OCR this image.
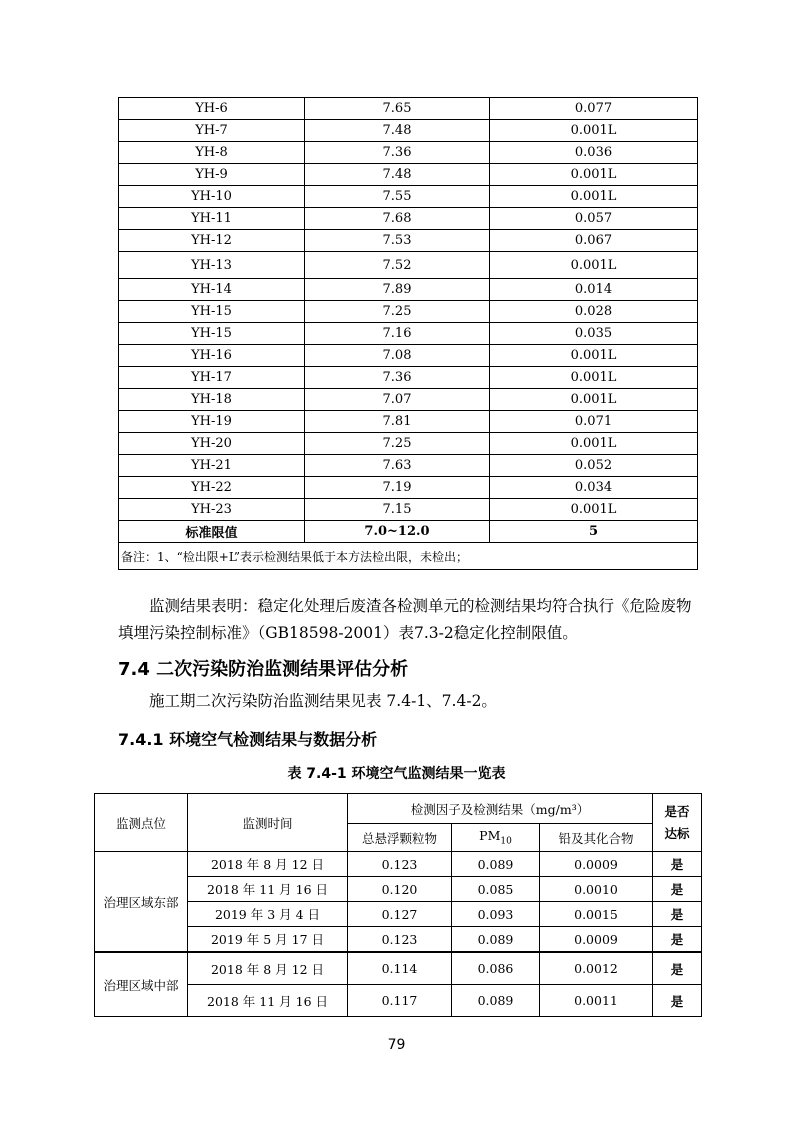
YH-6	7.65	0.077
YH-7	7.48	0.001L
YH-8	7.36	0.036
YH-9	7.48	0.001L
YH-10	7.55	0.001L
YH-11	7.68	0.057
YH-12	7.53	0.067
YH-13	7.52	0.001L
YH-14	7.89	0.014
YH-15	7.25	0.028
YH-15	7.16	0.035
YH-16	7.08	0.001L
YH-17	7.36	0.001L
YH-18	7.07	0.001L
YH-19	7.81	0.071
YH-20	7.25	0.001L
YH-21	7.63	0.052
YH-22	7.19	0.034
YH-23	7.15	0.001L
标准限值	7.0~12.0	5
备注：1、“检出限+L”表示检测结果低于本方法检出限，未检出；		
监测结果表明：稳定化处理后废渣各检测单元的检测结果均符合执行《危险废物填埋污染控制标准》（GB18598-2001）表7.3-2稳定化控制限值。
7.4 二次污染防治监测结果评估分析
施工期二次污染防治监测结果见表 7.4-1、7.4-2。
7.4.1 环境空气检测结果与数据分析
表 7.4-1 环境空气监测结果一览表
监测点位	监测时间	检测因子及检测结果（mg/m³）			是否
达标
		总悬浮颗粒物	$PM_{10}$	铅及其化合物	
治理区域东部	2018 年 8 月 12 日	0.123	0.089	0.0009	是
	2018 年 11 月 16 日	0.120	0.085	0.0010	是
	2019 年 3 月 4 日	0.127	0.093	0.0015	是
	2019 年 5 月 17 日	0.123	0.089	0.0009	是
治理区域中部	2018 年 8 月 12 日	0.114	0.086	0.0012	是
	2018 年 11 月 16 日	0.117	0.089	0.0011	是
79
